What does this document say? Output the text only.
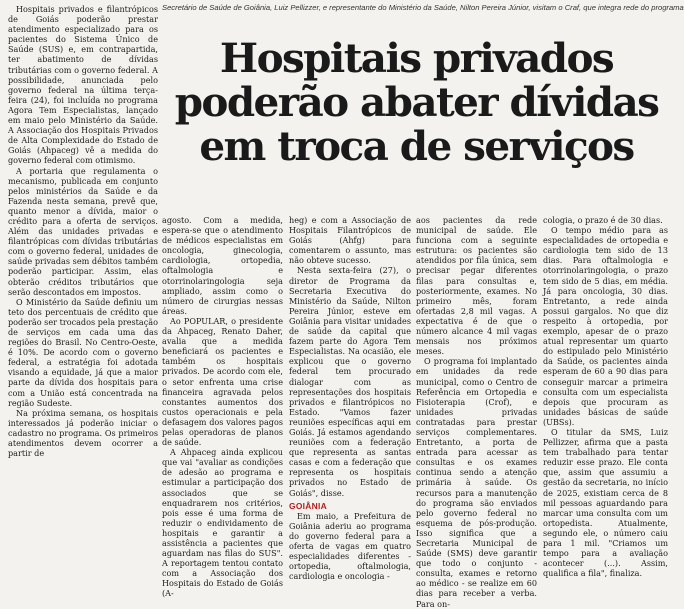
Secretário de Saúde de Goiânia, Luiz Pellizzer, e representante do Ministério da Saúde, Nilton Pereira Júnior, visitam o Craf, que integra rede do programa
Hospitais privados
poderão abater dívidas
em troca de serviços

Hospitais privados e filantrópicos de Goiás poderão prestar atendimento especializado para os pacientes do Sistema Único de Saúde (SUS) e, em contrapartida, ter abatimento de dívidas tributárias com o governo federal. A possibilidade, anunciada pelo governo federal na última terça-feira (24), foi incluída no programa Agora Tem Especialistas, lançado em maio pelo Ministério da Saúde. A Associação dos Hospitais Privados de Alta Complexidade do Estado de Goiás (Ahpaceg) vê a medida do governo federal com otimismo.

A portaria que regulamenta o mecanismo, publicada em conjunto pelos ministérios da Saúde e da Fazenda nesta semana, prevê que, quanto menor a dívida, maior o crédito para a oferta de serviços. Além das unidades privadas e filantrópicas com dívidas tributárias com o governo federal, unidades de saúde privadas sem débitos também poderão participar. Assim, elas obterão créditos tributários que serão descontados em impostos.

O Ministério da Saúde definiu um teto dos percentuais de crédito que poderão ser trocados pela prestação de serviços em cada uma das regiões do Brasil. No Centro-Oeste, é 10%. De acordo com o governo federal, a estratégia foi adotada visando a equidade, já que a maior parte da dívida dos hospitais para com a União está concentrada na região Sudeste.

Na próxima semana, os hospitais interessados já poderão iniciar o cadastro no programa. Os primeiros atendimentos devem ocorrer a partir de

agosto. Com a medida, espera-se que o atendimento de médicos especialistas em oncologia, ginecologia, cardiologia, ortopedia, oftalmologia e otorrinolaringologia seja ampliado, assim como o número de cirurgias nessas áreas.

Ao POPULAR, o presidente da Ahpaceg, Renato Daher, avalia que a medida beneficiará os pacientes e também os hospitais privados. De acordo com ele, o setor enfrenta uma crise financeira agravada pelos constantes aumentos dos custos operacionais e pela defasagem dos valores pagos pelas operadoras de planos de saúde.

A Ahpaceg ainda explicou que vai "avaliar as condições de adesão ao programa e estimular a participação dos associados que se enquadrarem nos critérios, pois esse é uma forma de reduzir o endividamento de hospitais e garantir a assistência a pacientes que aguardam nas filas do SUS". A reportagem tentou contato com a Associação dos Hospitais do Estado de Goiás (A-

heg) e com a Associação de Hospitais Filantrópicos de Goiás (Ahfg) para comentarem o assunto, mas não obteve sucesso.

Nesta sexta-feira (27), o diretor de Programa da Secretaria Executiva do Ministério da Saúde, Nilton Pereira Júnior, esteve em Goiânia para visitar unidades de saúde da capital que fazem parte do Agora Tem Especialistas. Na ocasião, ele explicou que o governo federal tem procurado dialogar com as representações dos hospitais privados e filantrópicos no Estado. "Vamos fazer reuniões específicas aqui em Goiás. Já estamos agendando reuniões com a federação que representa as santas casas e com a federação que representa os hospitais privados no Estado de Goiás", disse.

GOIÂNIA

Em maio, a Prefeitura de Goiânia aderiu ao programa do governo federal para a oferta de vagas em quatro especialidades diferentes - ortopedia, oftalmologia, cardiologia e oncologia -

aos pacientes da rede municipal de saúde. Ele funciona com a seguinte estrutura: os pacientes são atendidos por fila única, sem precisar pegar diferentes filas para consultas e, posteriormente, exames. No primeiro mês, foram ofertadas 2,8 mil vagas. A expectativa é de que o número alcance 4 mil vagas mensais nos próximos meses.

O programa foi implantado em unidades da rede municipal, como o Centro de Referência em Ortopedia e Fisioterapia (Crof), e unidades privadas contratadas para prestar serviços complementares. Entretanto, a porta de entrada para acessar as consultas e os exames continua sendo a atenção primária à saúde. Os recursos para a manutenção do programa são enviados pelo governo federal no esquema de pós-produção. Isso significa que a Secretaria Municipal de Saúde (SMS) deve garantir que todo o conjunto - consulta, exames e retorno ao médico - se realize em 60 dias para receber a verba. Para on-

cologia, o prazo é de 30 dias.

O tempo médio para as especialidades de ortopedia e cardiologia tem sido de 13 dias. Para oftalmologia e otorrinolaringologia, o prazo tem sido de 5 dias, em média. Já para oncologia, 30 dias. Entretanto, a rede ainda possui gargalos. No que diz respeito à ortopedia, por exemplo, apesar de o prazo atual representar um quarto do estipulado pelo Ministério da Saúde, os pacientes ainda esperam de 60 a 90 dias para conseguir marcar a primeira consulta com um especialista depois que procuram as unidades básicas de saúde (UBSs).

O titular da SMS, Luiz Pellizzer, afirma que a pasta tem trabalhado para tentar reduzir esse prazo. Ele conta que, assim que assumiu a gestão da secretaria, no início de 2025, existiam cerca de 8 mil pessoas aguardando para marcar uma consulta com um ortopedista. Atualmente, segundo ele, o número caiu para 1 mil. "Criamos um tempo para a avaliação acontecer (...). Assim, qualifica a fila", finaliza.
